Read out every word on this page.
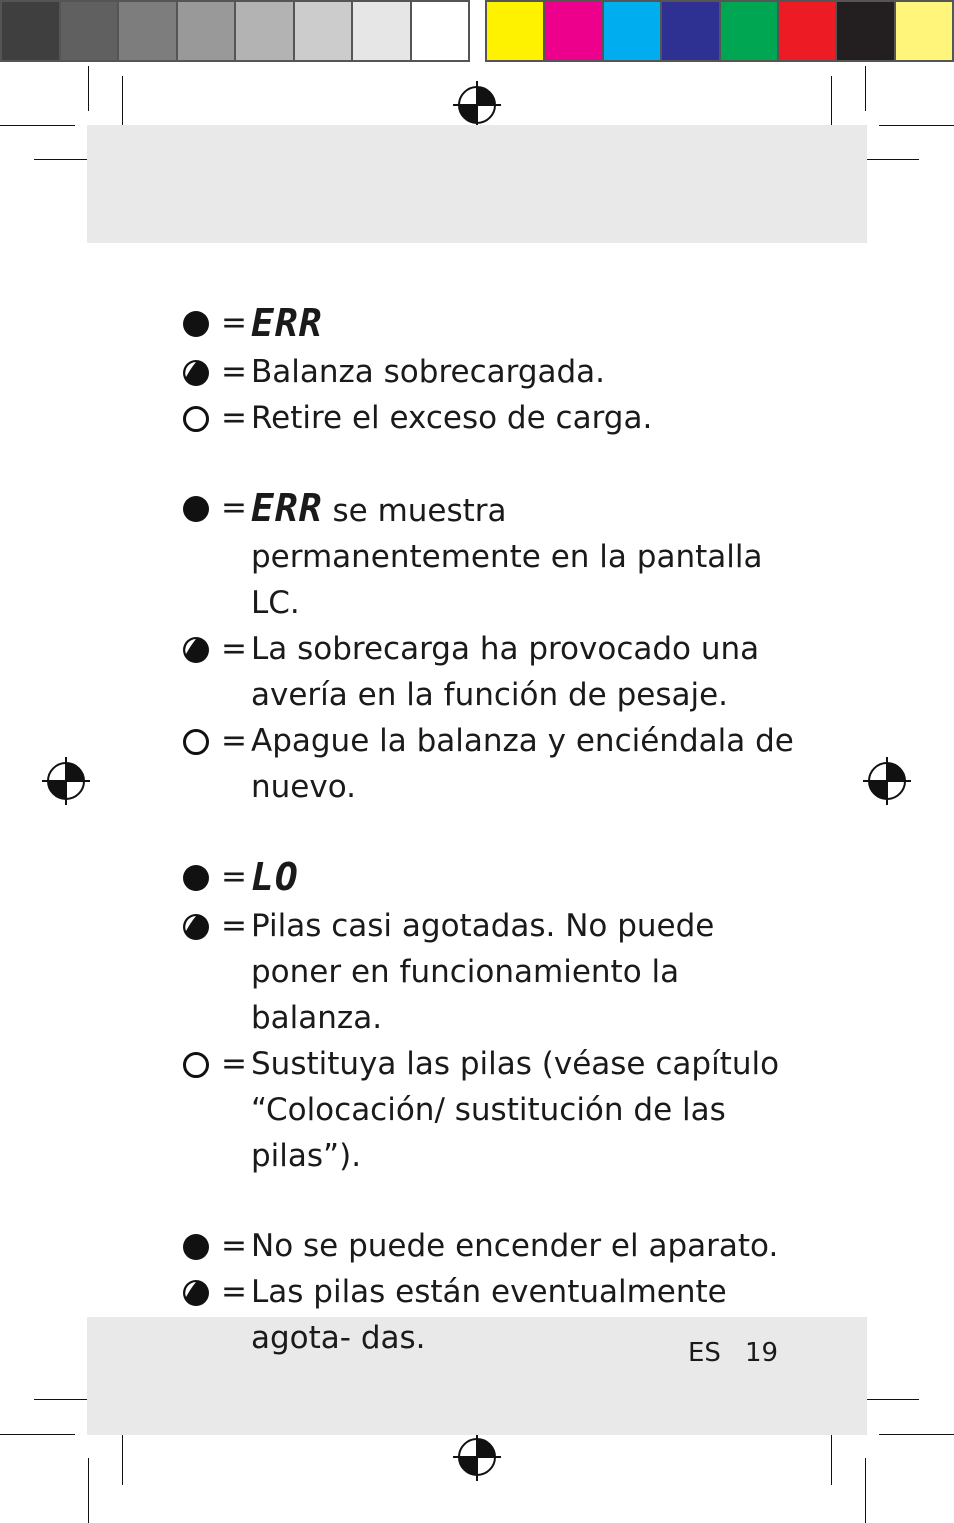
= ERR
= Balanza sobrecargada.
= Retire el exceso de carga.
= ERR se muestra permanentemente en la pantalla LC.
= La sobrecarga ha provocado una avería en la función de pesaje.
= Apague la balanza y enciéndala de nuevo.
= LO
= Pilas casi agotadas. No puede poner en funcionamiento la balanza.
= Sustituya las pilas (véase capítulo “Colocación/ sustitución de las pilas”).
= No se puede encender el aparato.
= Las pilas están eventualmente agota- das.	ES 19
